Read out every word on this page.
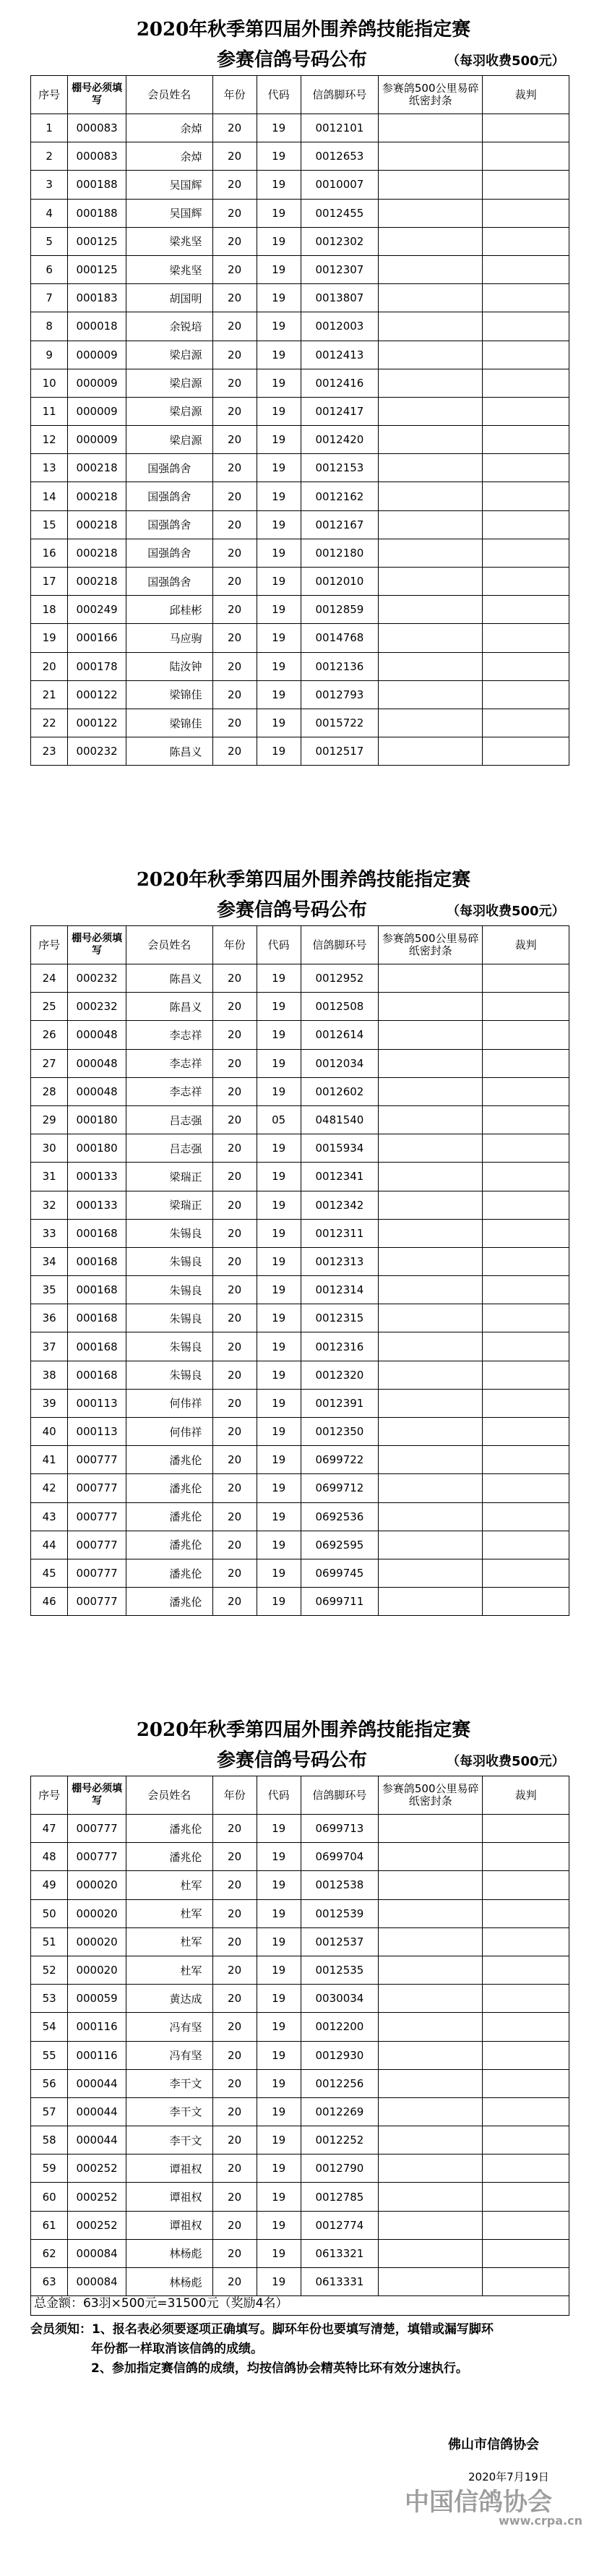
2020年秋季第四届外围养鸽技能指定赛
参赛信鸽号码公布	（每羽收费500元）
序号	棚号必须填写	会员姓名	年份	代码	信鸽脚环号	参赛鸽500公里易碎纸密封条	裁判
1	000083	余焯	20	19	0012101		
2	000083	余焯	20	19	0012653		
3	000188	吴国辉	20	19	0010007		
4	000188	吴国辉	20	19	0012455		
5	000125	梁兆坚	20	19	0012302		
6	000125	梁兆坚	20	19	0012307		
7	000183	胡国明	20	19	0013807		
8	000018	余锐培	20	19	0012003		
9	000009	梁启源	20	19	0012413		
10	000009	梁启源	20	19	0012416		
11	000009	梁启源	20	19	0012417		
12	000009	梁启源	20	19	0012420		
13	000218	国强鸽舍	20	19	0012153		
14	000218	国强鸽舍	20	19	0012162		
15	000218	国强鸽舍	20	19	0012167		
16	000218	国强鸽舍	20	19	0012180		
17	000218	国强鸽舍	20	19	0012010		
18	000249	邱桂彬	20	19	0012859		
19	000166	马应驹	20	19	0014768		
20	000178	陆汝钟	20	19	0012136		
21	000122	梁锦佳	20	19	0012793		
22	000122	梁锦佳	20	19	0015722		
23	000232	陈昌义	20	19	0012517		
2020年秋季第四届外围养鸽技能指定赛
参赛信鸽号码公布	（每羽收费500元）
序号	棚号必须填写	会员姓名	年份	代码	信鸽脚环号	参赛鸽500公里易碎纸密封条	裁判
24	000232	陈昌义	20	19	0012952		
25	000232	陈昌义	20	19	0012508		
26	000048	李志祥	20	19	0012614		
27	000048	李志祥	20	19	0012034		
28	000048	李志祥	20	19	0012602		
29	000180	吕志强	20	05	0481540		
30	000180	吕志强	20	19	0015934		
31	000133	梁瑞正	20	19	0012341		
32	000133	梁瑞正	20	19	0012342		
33	000168	朱锡良	20	19	0012311		
34	000168	朱锡良	20	19	0012313		
35	000168	朱锡良	20	19	0012314		
36	000168	朱锡良	20	19	0012315		
37	000168	朱锡良	20	19	0012316		
38	000168	朱锡良	20	19	0012320		
39	000113	何伟祥	20	19	0012391		
40	000113	何伟祥	20	19	0012350		
41	000777	潘兆伦	20	19	0699722		
42	000777	潘兆伦	20	19	0699712		
43	000777	潘兆伦	20	19	0692536		
44	000777	潘兆伦	20	19	0692595		
45	000777	潘兆伦	20	19	0699745		
46	000777	潘兆伦	20	19	0699711		
2020年秋季第四届外围养鸽技能指定赛
参赛信鸽号码公布	（每羽收费500元）
序号	棚号必须填写	会员姓名	年份	代码	信鸽脚环号	参赛鸽500公里易碎纸密封条	裁判
47	000777	潘兆伦	20	19	0699713		
48	000777	潘兆伦	20	19	0699704		
49	000020	杜军	20	19	0012538		
50	000020	杜军	20	19	0012539		
51	000020	杜军	20	19	0012537		
52	000020	杜军	20	19	0012535		
53	000059	黄达成	20	19	0030034		
54	000116	冯有坚	20	19	0012200		
55	000116	冯有坚	20	19	0012930		
56	000044	李干文	20	19	0012256		
57	000044	李干文	20	19	0012269		
58	000044	李干文	20	19	0012252		
59	000252	谭祖权	20	19	0012790		
60	000252	谭祖权	20	19	0012785		
61	000252	谭祖权	20	19	0012774		
62	000084	林杨彪	20	19	0613321		
63	000084	林杨彪	20	19	0613331		
总金额：63羽×500元=31500元（奖励4名）
会员须知：1、报名表必须要逐项正确填写。脚环年份也要填写清楚，填错或漏写脚环
年份都一样取消该信鸽的成绩。
2、参加指定赛信鸽的成绩，均按信鸽协会精英特比环有效分速执行。
佛山市信鸽协会
2020年7月19日
中国信鸽协会
www.crpa.cn
